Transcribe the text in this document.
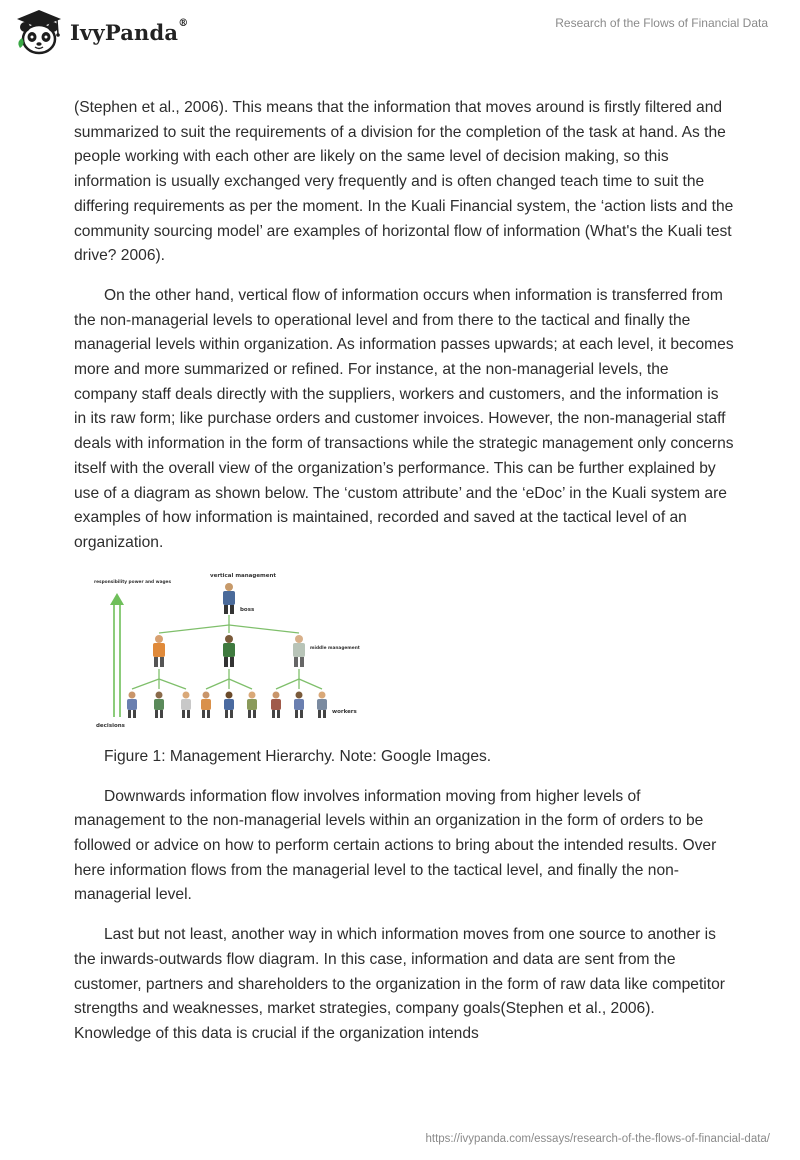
IvyPanda®	Research of the Flows of Financial Data

(Stephen et al., 2006). This means that the information that moves around is firstly filtered and summarized to suit the requirements of a division for the completion of the task at hand. As the people working with each other are likely on the same level of decision making, so this information is usually exchanged very frequently and is often changed teach time to suit the differing requirements as per the moment. In the Kuali Financial system, the ‘action lists and the community sourcing model’ are examples of horizontal flow of information (What's the Kuali test drive? 2006).

On the other hand, vertical flow of information occurs when information is transferred from the non-managerial levels to operational level and from there to the tactical and finally the managerial levels within organization. As information passes upwards; at each level, it becomes more and more summarized or refined. For instance, at the non-managerial levels, the company staff deals directly with the suppliers, workers and customers, and the information is in its raw form; like purchase orders and customer invoices. However, the non-managerial staff deals with information in the form of transactions while the strategic management only concerns itself with the overall view of the organization’s performance. This can be further explained by use of a diagram as shown below. The ‘custom attribute’ and the ‘eDoc’ in the Kuali system are examples of how information is maintained, recorded and saved at the tactical level of an organization.

vertical management
responsibility power and wages
boss
middle management
decisions
workers
Figure 1: Management Hierarchy. Note: Google Images.

Downwards information flow involves information moving from higher levels of management to the non-managerial levels within an organization in the form of orders to be followed or advice on how to perform certain actions to bring about the intended results. Over here information flows from the managerial level to the tactical level, and finally the non-managerial level.

Last but not least, another way in which information moves from one source to another is the inwards-outwards flow diagram. In this case, information and data are sent from the customer, partners and shareholders to the organization in the form of raw data like competitor strengths and weaknesses, market strategies, company goals(Stephen et al., 2006). Knowledge of this data is crucial if the organization intends

https://ivypanda.com/essays/research-of-the-flows-of-financial-data/
